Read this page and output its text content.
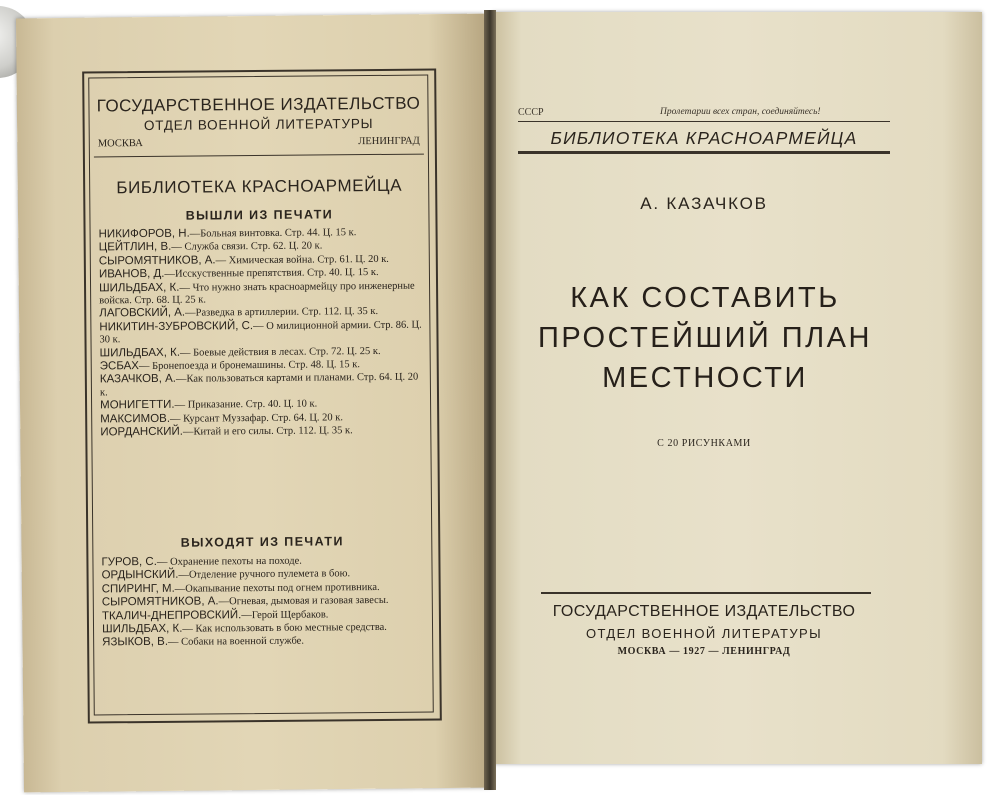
ГОСУДАРСТВЕННОЕ ИЗДАТЕЛЬСТВО
ОТДЕЛ ВОЕННОЙ ЛИТЕРАТУРЫ
МОСКВА	ЛЕНИНГРАД
БИБЛИОТЕКА КРАСНОАРМЕЙЦА
ВЫШЛИ ИЗ ПЕЧАТИ

НИКИФОРОВ, Н.—Больная винтовка. Стр. 44. Ц. 15 к.

ЦЕЙТЛИН, В.— Служба связи. Стр. 62. Ц. 20 к.

СЫРОМЯТНИКОВ, А.— Химическая война. Стр. 61. Ц. 20 к.

ИВАНОВ, Д.—Исскуственные препятствия. Стр. 40. Ц. 15 к.

ШИЛЬДБАХ, К.— Что нужно знать красноармейцу про инженерные войска. Стр. 68. Ц. 25 к.

ЛАГОВСКИЙ, А.—Разведка в артиллерии. Стр. 112. Ц. 35 к.

НИКИТИН-ЗУБРОВСКИЙ, С.— О милиционной армии. Стр. 86. Ц. 30 к.

ШИЛЬДБАХ, К.— Боевые действия в лесах. Стр. 72. Ц. 25 к.

ЭСБАХ— Бронепоезда и бронемашины. Стр. 48. Ц. 15 к.

КАЗАЧКОВ, А.—Как пользоваться картами и планами. Стр. 64. Ц. 20 к.

МОНИГЕТТИ.— Приказание. Стр. 40. Ц. 10 к.

МАКСИМОВ.— Курсант Муззафар. Стр. 64. Ц. 20 к.

ИОРДАНСКИЙ.—Китай и его силы. Стр. 112. Ц. 35 к.

ВЫХОДЯТ ИЗ ПЕЧАТИ

ГУРОВ, С.— Охранение пехоты на походе.

ОРДЫНСКИЙ.—Отделение ручного пулемета в бою.

СПИРИНГ, М.—Окапывание пехоты под огнем противника.

СЫРОМЯТНИКОВ, А.—Огневая, дымовая и газовая завесы.

ТКАЛИЧ-ДНЕПРОВСКИЙ.—Герой Щербаков.

ШИЛЬДБАХ, К.— Как использовать в бою местные средства.

ЯЗЫКОВ, В.— Собаки на военной службе.

СССР	Пролетарии всех стран, соединяйтесь!
БИБЛИОТЕКА КРАСНОАРМЕЙЦА
А. КАЗАЧКОВ
КАК СОСТАВИТЬ
ПРОСТЕЙШИЙ ПЛАН
МЕСТНОСТИ
С 20 РИСУНКАМИ
ГОСУДАРСТВЕННОЕ ИЗДАТЕЛЬСТВО
ОТДЕЛ ВОЕННОЙ ЛИТЕРАТУРЫ
МОСКВА — 1927 — ЛЕНИНГРАД
